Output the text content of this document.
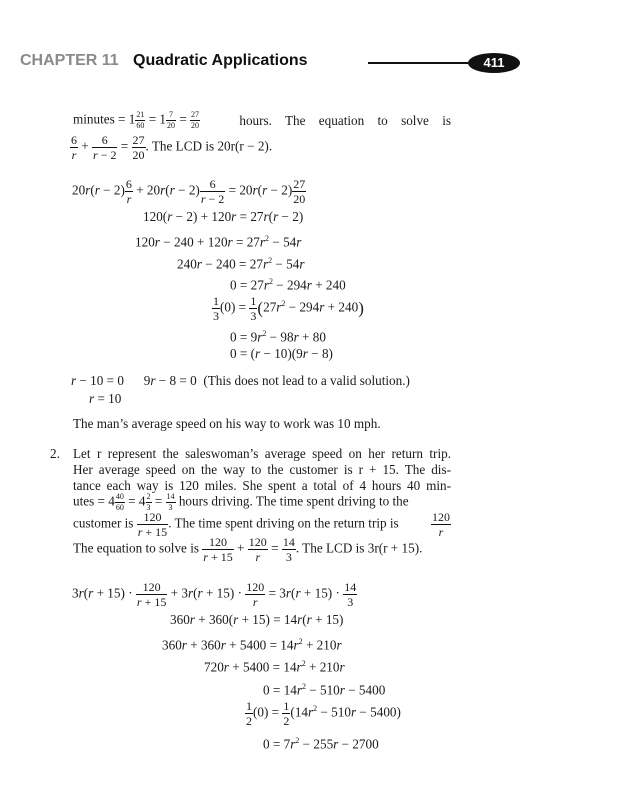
CHAPTER 11 Quadratic Applications	411
minutes = $1 \frac{21}{60} = 1 \frac{7}{20} = \frac{27}{20}$	hours. The equation to solve is
$\frac{6}{r} + \frac{6}{r - 2} = \frac{27}{20}$ . The LCD is 20r(r − 2).
$20r(r - 2) \frac{6}{r} + 20r(r - 2) \frac{6}{r - 2} = 20r(r - 2) \frac{27}{20}$
120(r − 2) + 120r = 27r(r − 2)
$120r - 240 + 120r = 27r^2 - 54r$
$240r - 240 = 27r^2 - 54r$
$0 = 27r^2 - 294r + 240$
$\frac{1}{3} (0) = \frac{1}{3} (27r^2 - 294r + 240)$
$0 = 9r^2 - 98r + 80$
0 = (r − 10)(9r − 8)
r − 10 = 0      9r − 8 = 0  (This does not lead to a valid solution.)
r = 10
The man’s average speed on his way to work was 10 mph.
2. Let r represent the saleswoman’s average speed on her return trip.
Her average speed on the way to the customer is r + 15. The dis-
tance each way is 120 miles. She spent a total of 4 hours 40 min-
utes = $4 \frac{40}{60} = 4 \frac{2}{3} = \frac{14}{3}$ hours driving. The time spent driving to the
customer is $\frac{120}{r + 15}$ . The time spent driving on the return trip is	120
r
The equation to solve is $\frac{120}{r + 15} + \frac{120}{r} = \frac{14}{3}$ . The LCD is 3r(r + 15).
$3r(r + 15) \cdot \frac{120}{r + 15} + 3r(r + 15) \cdot \frac{120}{r} = 3r(r + 15) \cdot \frac{14}{3}$
360r + 360(r + 15) = 14r(r + 15)
$360r + 360r + 5400 = 14r^2 + 210r$
$720r + 5400 = 14r^2 + 210r$
$0 = 14r^2 - 510r - 5400$
$\frac{1}{2} (0) = \frac{1}{2} (14r^2 - 510r - 5400)$
$0 = 7r^2 - 255r - 2700$
